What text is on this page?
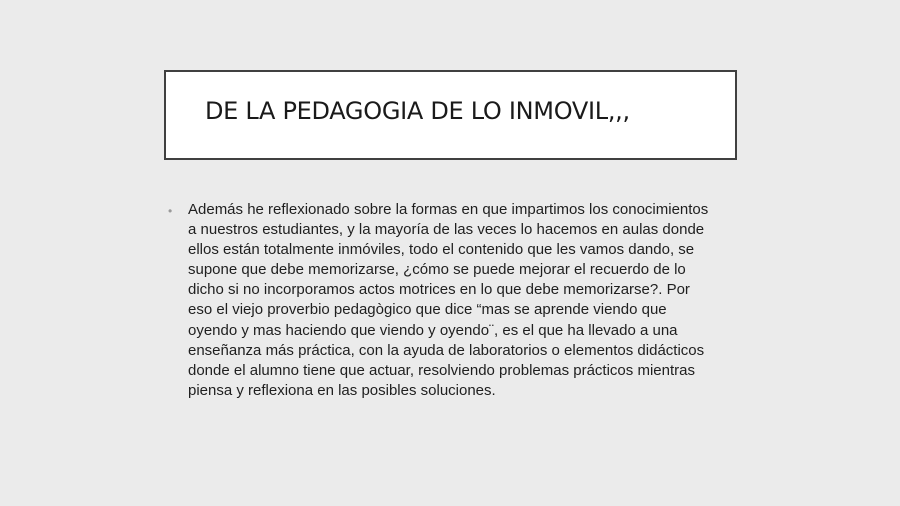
DE LA PEDAGOGIA DE LO INMOVIL,,,
• Además he reflexionado sobre la formas en que impartimos los conocimientos
a nuestros estudiantes, y la mayoría de las veces lo hacemos en aulas donde
ellos están totalmente inmóviles, todo el contenido que les vamos dando, se
supone que debe memorizarse, ¿cómo se puede mejorar el recuerdo de lo
dicho si no incorporamos actos motrices en lo que debe memorizarse?. Por
eso el viejo proverbio pedagògico que dice “mas se aprende viendo que
oyendo y mas haciendo que viendo y oyendo¨, es el que ha llevado a una
enseñanza más práctica, con la ayuda de laboratorios o elementos didácticos
donde el alumno tiene que actuar, resolviendo problemas prácticos mientras
piensa y reflexiona en las posibles soluciones.
